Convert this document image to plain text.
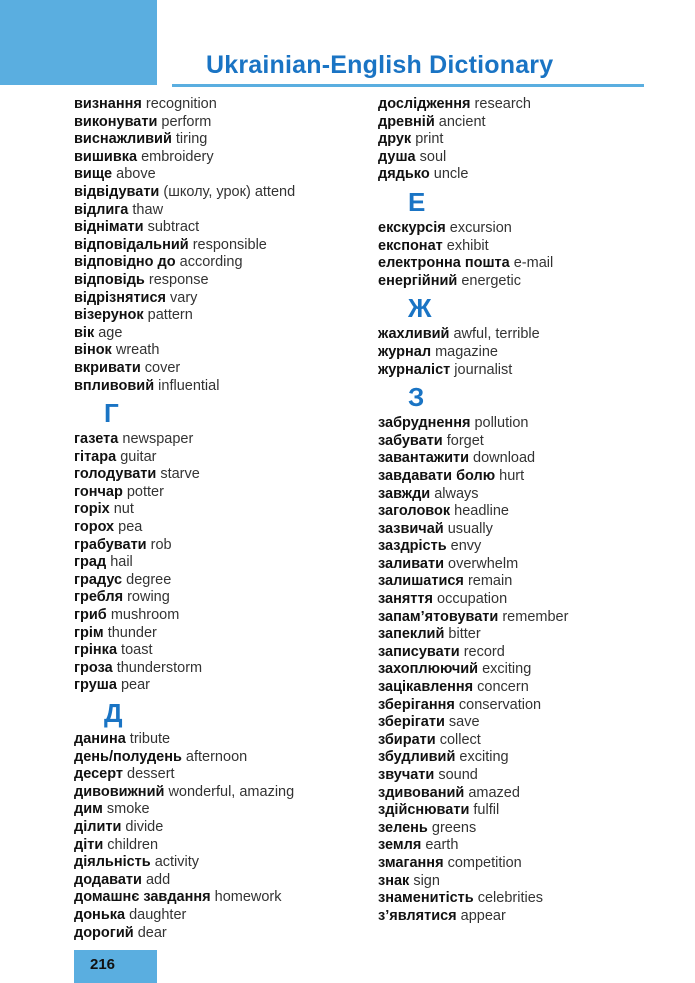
Ukrainian-English Dictionary
визнання recognition
виконувати perform
виснажливий tiring
вишивка embroidery
вище above
відвідувати (школу, урок) attend
відлига thaw
віднімати subtract
відповідальний responsible
відповідно до according
відповідь response
відрізнятися vary
візерунок pattern
вік age
вінок wreath
вкривати cover
впливовий influential
Г
газета newspaper
гітара guitar
голодувати starve
гончар potter
горіх nut
горох pea
грабувати rob
град hail
градус degree
гребля rowing
гриб mushroom
грім thunder
грінка toast
гроза thunderstorm
груша pear
Д
данина tribute
день/полудень afternoon
десерт dessert
дивовижний wonderful, amazing
дим smoke
ділити divide
діти children
діяльність activity
додавати add
домашнє завдання homework
донька daughter
дорогий dear
дослідження research
древній ancient
друк print
душа soul
дядько uncle
Е
екскурсія excursion
експонат exhibit
електронна пошта e-mail
енергійний energetic
Ж
жахливий awful, terrible
журнал magazine
журналіст journalist
З
забруднення pollution
забувати forget
завантажити download
завдавати болю hurt
завжди always
заголовок headline
зазвичай usually
заздрість envy
заливати overwhelm
залишатися remain
заняття occupation
запам’ятовувати remember
запеклий bitter
записувати record
захоплюючий exciting
зацікавлення concern
зберігання conservation
зберігати save
збирати collect
збудливий exciting
звучати sound
здивований amazed
здійснювати fulfil
зелень greens
земля earth
змагання competition
знак sign
знаменитість celebrities
з’являтися appear
216
